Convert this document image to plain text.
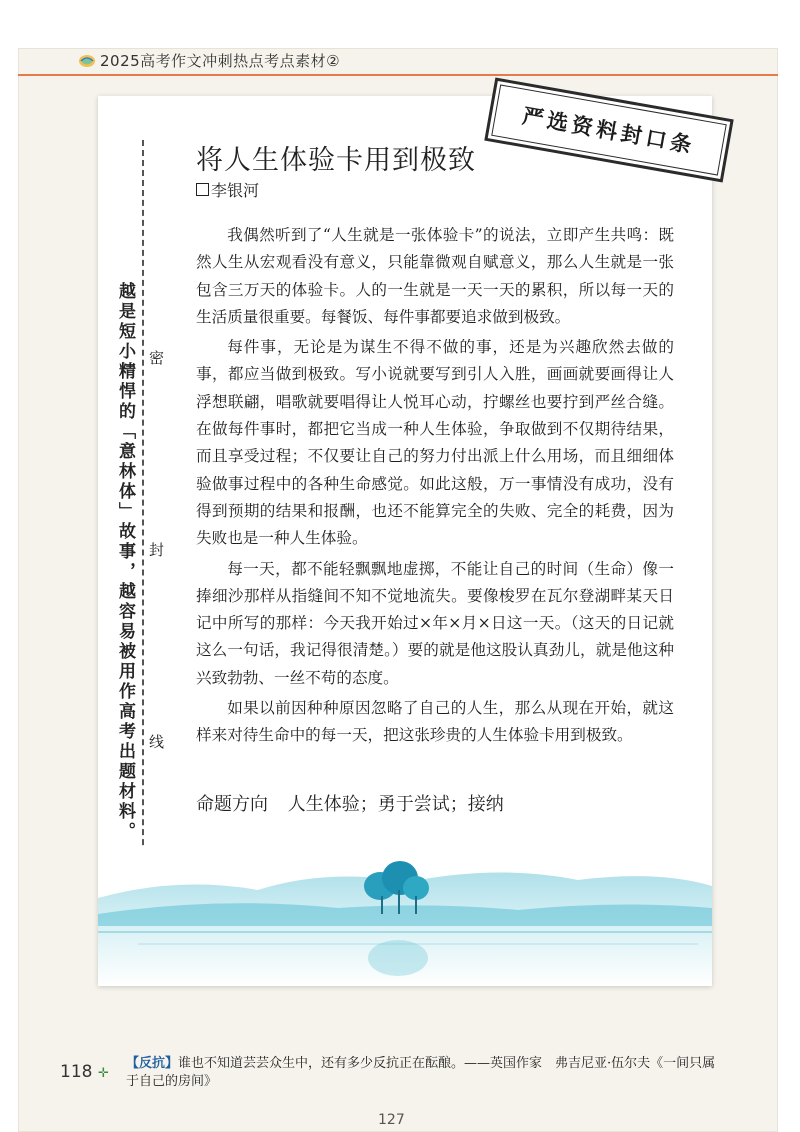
2025高考作文冲刺热点考点素材②
严选资料封口条
越是短小精悍的「意林体」故事，越容易被用作高考出题材料。 密
封
线
将人生体验卡用到极致
李银河

我偶然听到了“人生就是一张体验卡”的说法，立即产生共鸣：既然人生从宏观看没有意义，只能靠微观自赋意义，那么人生就是一张包含三万天的体验卡。人的一生就是一天一天的累积，所以每一天的生活质量很重要。每餐饭、每件事都要追求做到极致。

每件事，无论是为谋生不得不做的事，还是为兴趣欣然去做的事，都应当做到极致。写小说就要写到引人入胜，画画就要画得让人浮想联翩，唱歌就要唱得让人悦耳心动，拧螺丝也要拧到严丝合缝。在做每件事时，都把它当成一种人生体验，争取做到不仅期待结果，而且享受过程；不仅要让自己的努力付出派上什么用场，而且细细体验做事过程中的各种生命感觉。如此这般，万一事情没有成功，没有得到预期的结果和报酬，也还不能算完全的失败、完全的耗费，因为失败也是一种人生体验。

每一天，都不能轻飘飘地虚掷，不能让自己的时间（生命）像一捧细沙那样从指缝间不知不觉地流失。要像梭罗在瓦尔登湖畔某天日记中所写的那样：今天我开始过×年×月×日这一天。（这天的日记就这么一句话，我记得很清楚。）要的就是他这股认真劲儿，就是他这种兴致勃勃、一丝不苟的态度。

如果以前因种种原因忽略了自己的人生，那么从现在开始，就这样来对待生命中的每一天，把这张珍贵的人生体验卡用到极致。

命题方向 人生体验；勇于尝试；接纳
118 ✛
【反抗】谁也不知道芸芸众生中，还有多少反抗正在酝酿。——英国作家　弗吉尼亚·伍尔夫《一间只属于自己的房间》
127
